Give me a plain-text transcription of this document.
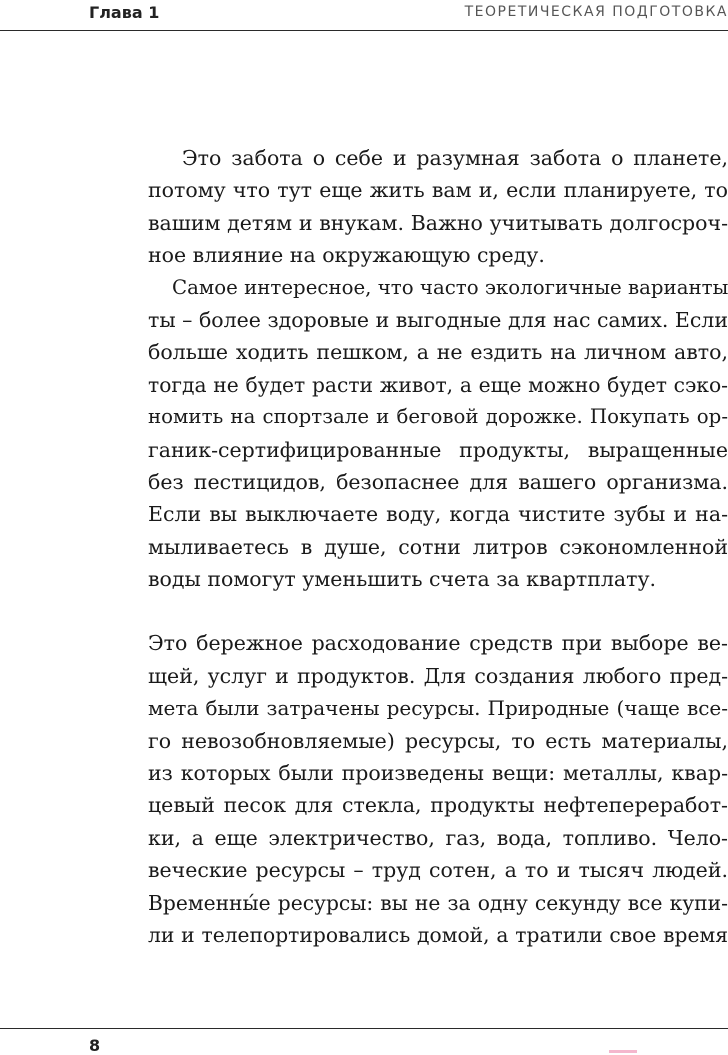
Глава 1	ТЕОРЕТИЧЕСКАЯ ПОДГОТОВКА
Это забота о себе и разумная забота о планете,
потому что тут еще жить вам и, если планируете, то
вашим детям и внукам. Важно учитывать долгосроч-
ное влияние на окружающую среду.
Самое интересное, что часто экологичные варианты
ты – более здоровые и выгодные для нас самих. Если
больше ходить пешком, а не ездить на личном авто,
тогда не будет расти живот, а еще можно будет сэко-
номить на спортзале и беговой дорожке. Покупать ор-
ганик-сертифицированные продукты, выращенные
без пестицидов, безопаснее для вашего организма.
Если вы выключаете воду, когда чистите зубы и на-
мыливаетесь в душе, сотни литров сэкономленной
воды помогут уменьшить счета за квартплату.
Это бережное расходование средств при выборе ве-
щей, услуг и продуктов. Для создания любого пред-
мета были затрачены ресурсы. Природные (чаще все-
го невозобновляемые) ресурсы, то есть материалы,
из которых были произведены вещи: металлы, квар-
цевый песок для стекла, продукты нефтепереработ-
ки, а еще электричество, газ, вода, топливо. Чело-
веческие ресурсы – труд сотен, а то и тысяч людей.
Временны́е ресурсы: вы не за одну секунду все купи-
ли и телепортировались домой, а тратили свое время
8
